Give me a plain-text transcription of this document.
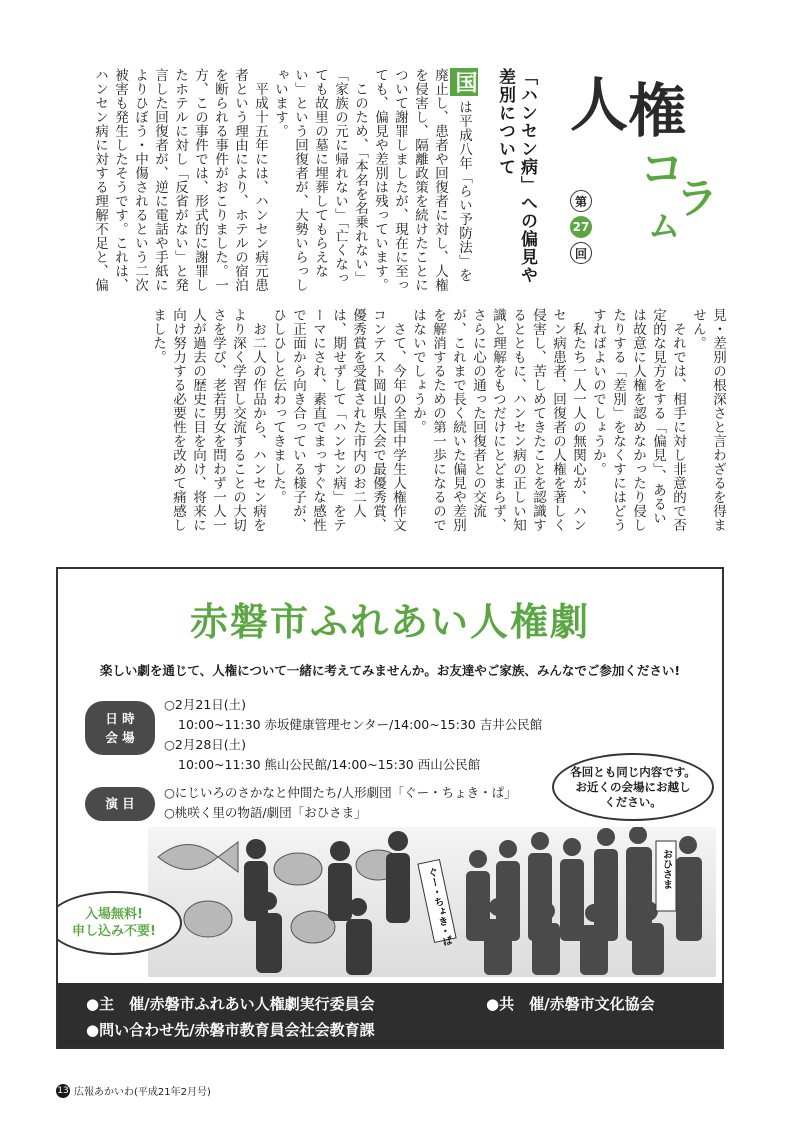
人 権
コ
ラ
ム
第
27
回
「ハンセン病」への偏見や差別について

国は平成八年「らい予防法」を廃止し、患者や回復者に対し、人権を侵害し、隔離政策を続けたことについて謝罪しましたが、現在に至っても、偏見や差別は残っています。

このため、「本名を名乗れない」「家族の元に帰れない」「亡くなっても故里の墓に埋葬してもらえない」という回復者が、大勢いらっしゃいます。

平成十五年には、ハンセン病元患者という理由により、ホテルの宿泊を断られる事件がおこりました。一方、この事件では、形式的に謝罪したホテルに対し「反省がない」と発言した回復者が、逆に電話や手紙によりひぼう・中傷されるという二次被害も発生したそうです。これは、ハンセン病に対する理解不足と、偏

見・差別の根深さと言わざるを得ません。

それでは、相手に対し非意的で否定的な見方をする「偏見」、あるいは故意に人権を認めなかったり侵したりする「差別」をなくすにはどうすればよいのでしょうか。

私たち一人一人の無関心が、ハンセン病患者、回復者の人権を著しく侵害し、苦しめてきたことを認識するとともに、ハンセン病の正しい知識と理解をもつだけにとどまらず、さらに心の通った回復者との交流が、これまで長く続いた偏見や差別を解消するための第一歩になるのではないでしょうか。

さて、今年の全国中学生人権作文コンテスト岡山県大会で最優秀賞、優秀賞を受賞された市内のお二人は、期せずして「ハンセン病」をテーマにされ、素直でまっすぐな感性で正面から向き合っている様子が、ひしひしと伝わってきました。

お二人の作品から、ハンセン病をより深く学習し交流することの大切さを学び、老若男女を問わず一人一人が過去の歴史に目を向け、将来に向け努力する必要性を改めて痛感しました。

赤磐市ふれあい人権劇
楽しい劇を通じて、人権について一緒に考えてみませんか。お友達やご家族、みんなでご参加ください!
日 時
会 場
○2月21日(土)
10:00~11:30 赤坂健康管理センター/14:00~15:30 吉井公民館
○2月28日(土)
10:00~11:30 熊山公民館/14:00~15:30 西山公民館
演 目
○にじいろのさかなと仲間たち/人形劇団「ぐー・ちょき・ぱ」
○桃咲く里の物語/劇団「おひさま」
各回とも同じ内容です。
お近くの会場にお越し
ください。
ぐー・ちょき・ぱ	おひさま
入場無料!
申し込み不要!
●主　催/赤磐市ふれあい人権劇実行委員会	●共　催/赤磐市文化協会
●問い合わせ先/赤磐市教育員会社会教育課
13 広報あかいわ(平成21年2月号)
